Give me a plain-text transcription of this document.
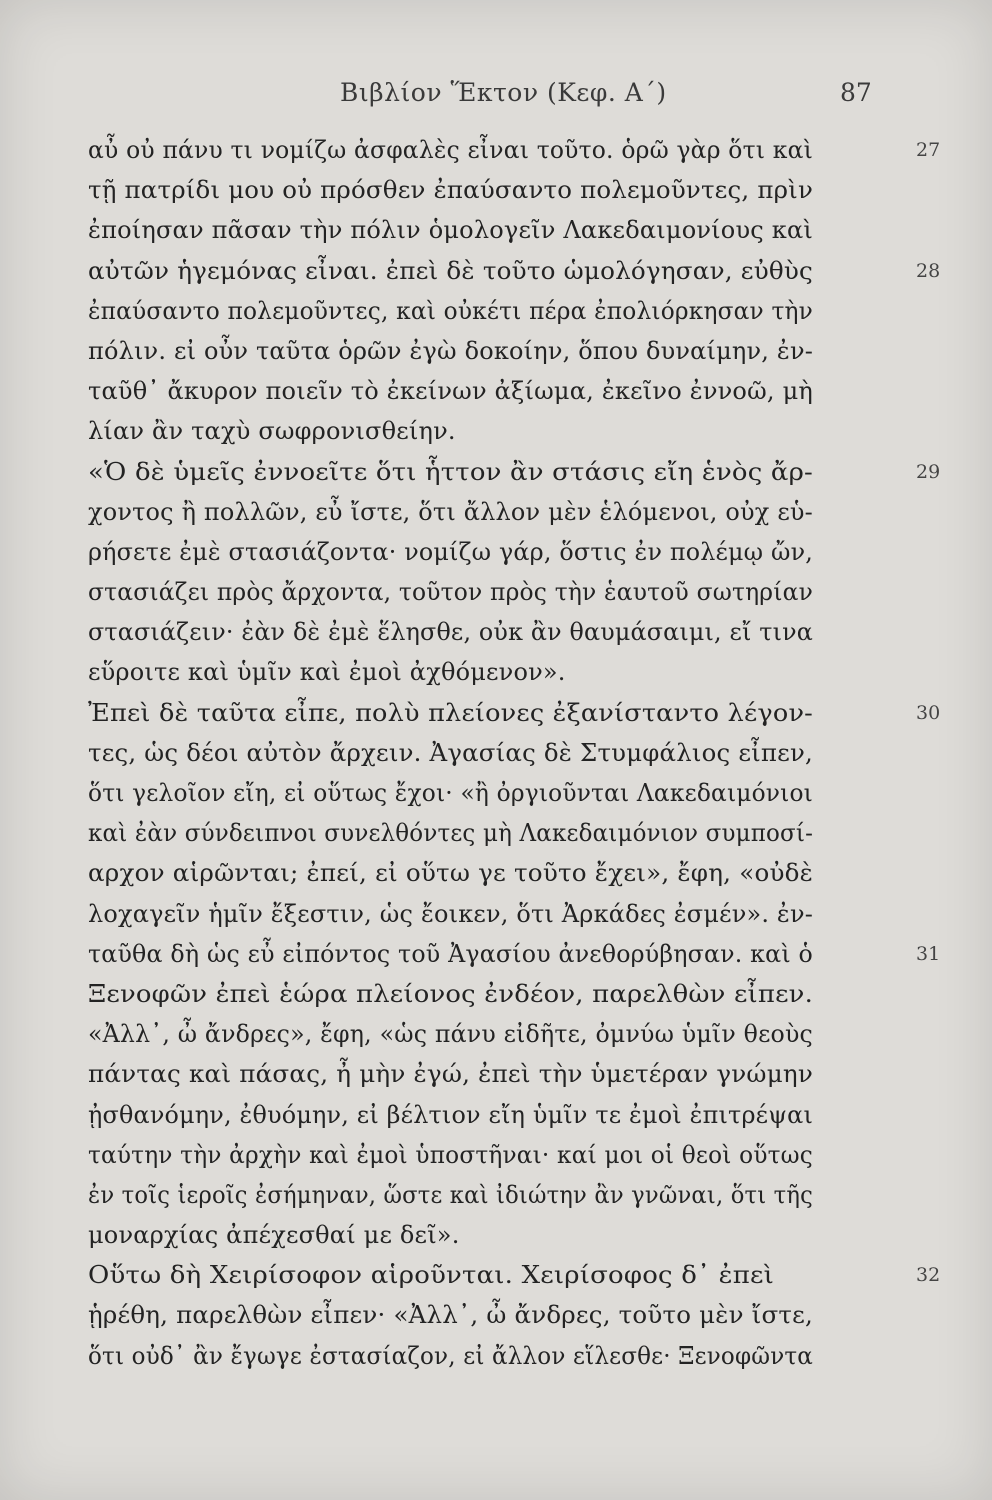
Βιβλίον Ἕκτον (Κεφ. Α΄)	87
αὖ οὐ πάνυ τι νομίζω ἀσφαλὲς εἶναι τοῦτο. ὁρῶ γὰρ ὅτι καὶ	27
τῇ πατρίδι μου οὐ πρόσθεν ἐπαύσαντο πολεμοῦντες, πρὶν
ἐποίησαν πᾶσαν τὴν πόλιν ὁμολογεῖν Λακεδαιμονίους καὶ
αὐτῶν ἡγεμόνας εἶναι. ἐπεὶ δὲ τοῦτο ὡμολόγησαν, εὐθὺς	28
ἐπαύσαντο πολεμοῦντες, καὶ οὐκέτι πέρα ἐπολιόρκησαν τὴν
πόλιν. εἰ οὖν ταῦτα ὁρῶν ἐγὼ δοκοίην, ὅπου δυναίμην, ἐν-
ταῦθ᾽ ἄκυρον ποιεῖν τὸ ἐκείνων ἀξίωμα, ἐκεῖνο ἐννοῶ, μὴ
λίαν ἂν ταχὺ σωφρονισθείην.
«Ὁ δὲ ὑμεῖς ἐννοεῖτε ὅτι ἧττον ἂν στάσις εἴη ἑνὸς ἄρ-	29
χοντος ἢ πολλῶν, εὖ ἴστε, ὅτι ἄλλον μὲν ἑλόμενοι, οὐχ εὑ-
ρήσετε ἐμὲ στασιάζοντα· νομίζω γάρ, ὅστις ἐν πολέμῳ ὤν,
στασιάζει πρὸς ἄρχοντα, τοῦτον πρὸς τὴν ἑαυτοῦ σωτηρίαν
στασιάζειν· ἐὰν δὲ ἐμὲ ἕλησθε, οὐκ ἂν θαυμάσαιμι, εἴ τινα
εὕροιτε καὶ ὑμῖν καὶ ἐμοὶ ἀχθόμενον».
Ἐπεὶ δὲ ταῦτα εἶπε, πολὺ πλείονες ἐξανίσταντο λέγον-	30
τες, ὡς δέοι αὐτὸν ἄρχειν. Ἀγασίας δὲ Στυμφάλιος εἶπεν,
ὅτι γελοῖον εἴη, εἰ οὕτως ἔχοι· «ἢ ὀργιοῦνται Λακεδαιμόνιοι
καὶ ἐὰν σύνδειπνοι συνελθόντες μὴ Λακεδαιμόνιον συμποσί-
αρχον αἱρῶνται; ἐπεί, εἰ οὕτω γε τοῦτο ἔχει», ἔφη, «οὐδὲ
λοχαγεῖν ἡμῖν ἔξεστιν, ὡς ἔοικεν, ὅτι Ἀρκάδες ἐσμέν». ἐν-
ταῦθα δὴ ὡς εὖ εἰπόντος τοῦ Ἀγασίου ἀνεθορύβησαν. καὶ ὁ	31
Ξενοφῶν ἐπεὶ ἑώρα πλείονος ἐνδέον, παρελθὼν εἶπεν.
«Ἀλλ᾽, ὦ ἄνδρες», ἔφη, «ὡς πάνυ εἰδῆτε, ὀμνύω ὑμῖν θεοὺς
πάντας καὶ πάσας, ἦ μὴν ἐγώ, ἐπεὶ τὴν ὑμετέραν γνώμην
ᾐσθανόμην, ἐθυόμην, εἰ βέλτιον εἴη ὑμῖν τε ἐμοὶ ἐπιτρέψαι
ταύτην τὴν ἀρχὴν καὶ ἐμοὶ ὑποστῆναι· καί μοι οἱ θεοὶ οὕτως
ἐν τοῖς ἱεροῖς ἐσήμηναν, ὥστε καὶ ἰδιώτην ἂν γνῶναι, ὅτι τῆς
μοναρχίας ἀπέχεσθαί με δεῖ».
Οὕτω δὴ Χειρίσοφον αἱροῦνται. Χειρίσοφος δ᾽ ἐπεὶ	32
ᾑρέθη, παρελθὼν εἶπεν· «Ἀλλ᾽, ὦ ἄνδρες, τοῦτο μὲν ἴστε,
ὅτι οὐδ᾽ ἂν ἔγωγε ἐστασίαζον, εἰ ἄλλον εἵλεσθε· Ξενοφῶντα
